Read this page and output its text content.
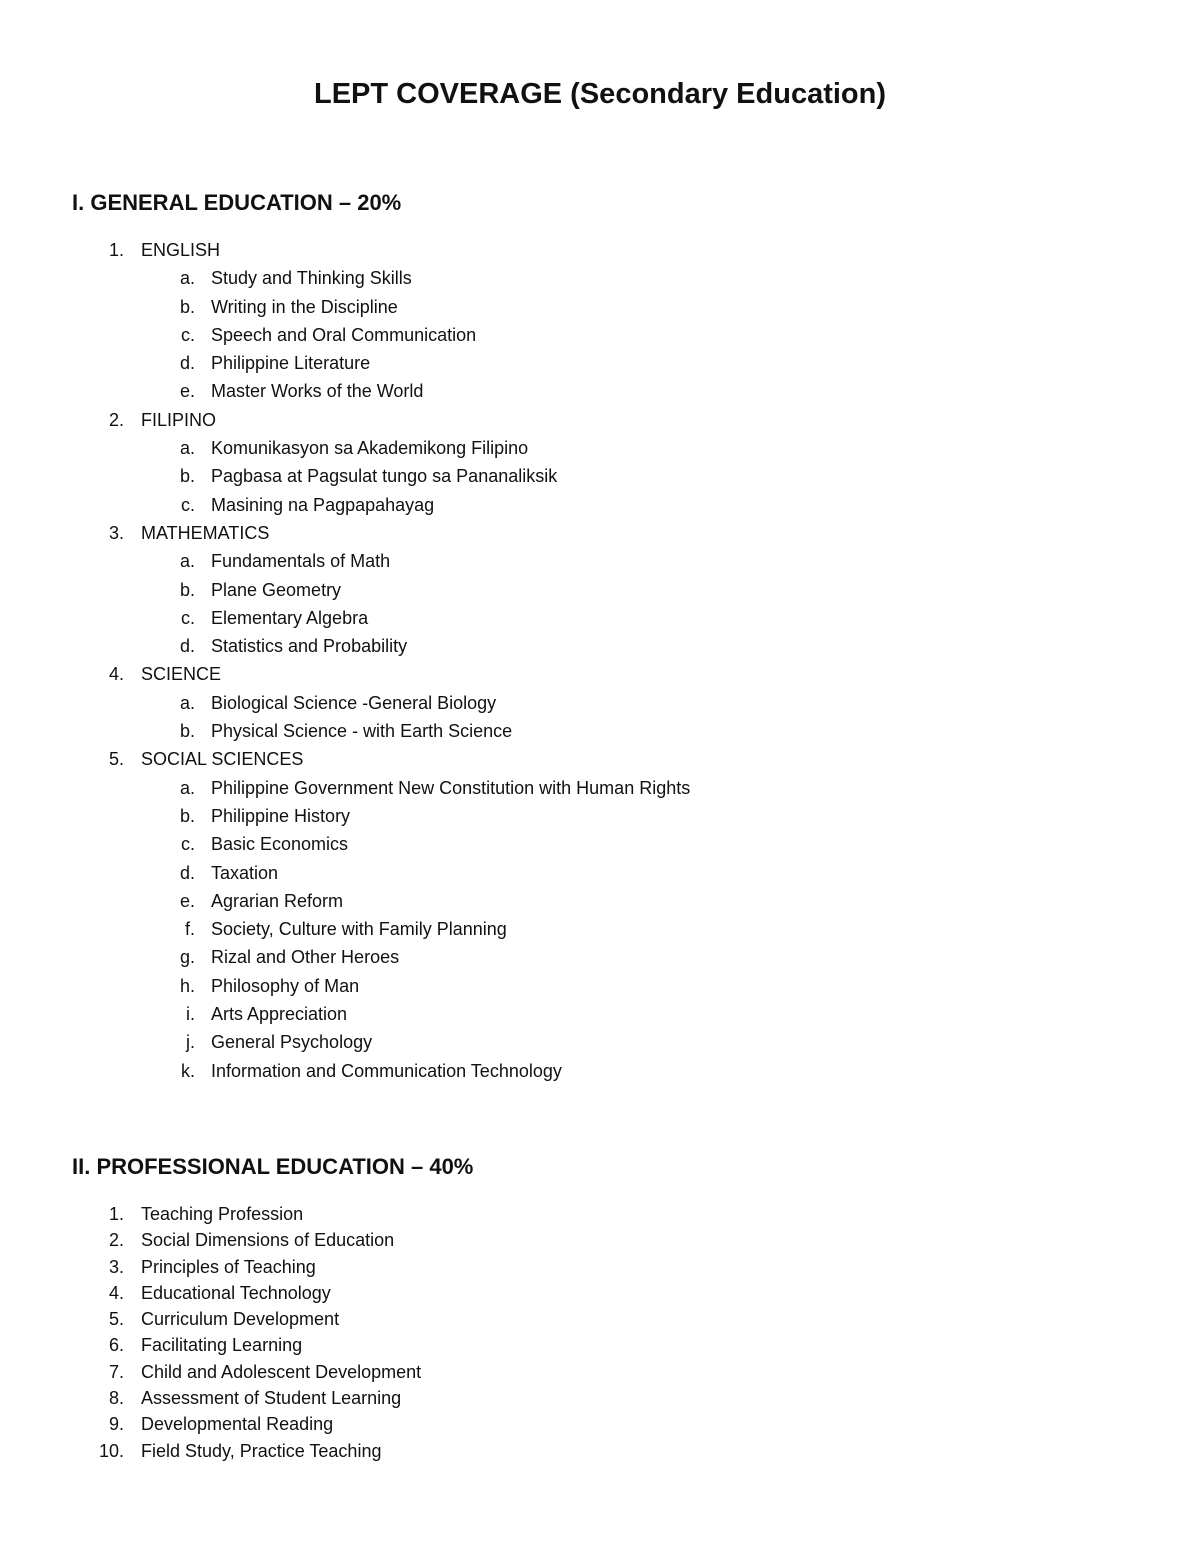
LEPT COVERAGE (Secondary Education)
I. GENERAL EDUCATION – 20%
1. ENGLISH
a. Study and Thinking Skills
b. Writing in the Discipline
c. Speech and Oral Communication
d. Philippine Literature
e. Master Works of the World
2. FILIPINO
a. Komunikasyon sa Akademikong Filipino
b. Pagbasa at Pagsulat tungo sa Pananaliksik
c. Masining na Pagpapahayag
3. MATHEMATICS
a. Fundamentals of Math
b. Plane Geometry
c. Elementary Algebra
d. Statistics and Probability
4. SCIENCE
a. Biological Science -General Biology
b. Physical Science - with Earth Science
5. SOCIAL SCIENCES
a. Philippine Government New Constitution with Human Rights
b. Philippine History
c. Basic Economics
d. Taxation
e. Agrarian Reform
f. Society, Culture with Family Planning
g. Rizal and Other Heroes
h. Philosophy of Man
i. Arts Appreciation
j. General Psychology
k. Information and Communication Technology
II. PROFESSIONAL EDUCATION – 40%
1. Teaching Profession
2. Social Dimensions of Education
3. Principles of Teaching
4. Educational Technology
5. Curriculum Development
6. Facilitating Learning
7. Child and Adolescent Development
8. Assessment of Student Learning
9. Developmental Reading
10. Field Study, Practice Teaching
